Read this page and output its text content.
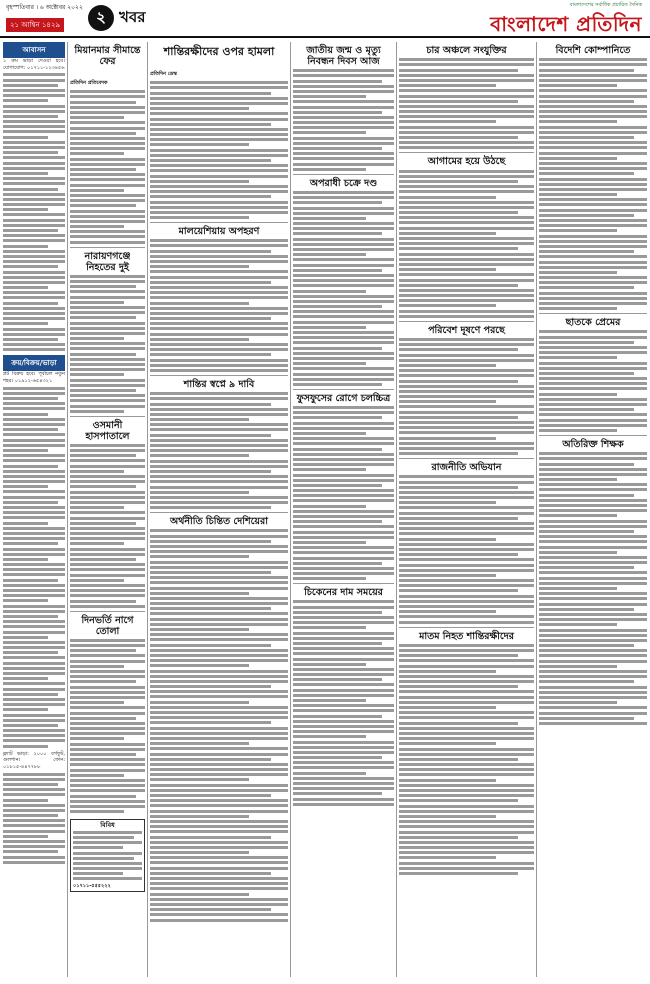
বৃহস্পতিবার । ৬ অক্টোবর ২০২২
২১ আশ্বিন ১৪২৯	২ খবর
বাংলাদেশের সর্বাধিক প্রচারিত দৈনিক
বাংলাদেশ প্রতিদিন
আবাসন

১ রুম ভাড়া দেওয়া হবে। যোগাযোগ: ০১৭১১-১২৩৪৫৬

ক্রয়/বিক্রয়/ভাড়া

প্লট বিক্রয় হবে। পূর্বাচল নতুন শহর। ০১৯১২-৬৫৪৩২১

ফ্ল্যাট ভাড়া: ২০০০ বর্গফুট, গুলশান। ফোন: ০১৮১৫-৪৪৭৭৮৮

মিয়ানমার সীমান্তে ফের
প্রতিদিন প্রতিবেদক
নারায়ণগঞ্জে নিহতের দুই
ওসমানী হাসপাতালে
দিনভর্তি নাগে তোলা
বিবিধ
০১৭১১-৫৫৫২২২
শান্তিরক্ষীদের ওপর হামলা
প্রতিদিন ডেস্ক
মালয়েশিয়ায় অপহরণ
শান্তির স্বপ্নে ৯ দাবি
অর্থনীতি চিন্তিত দেশিয়েরা
জাতীয় জন্ম ও মৃত্যু নিবন্ধন দিবস আজ
অপরাধী চক্রে দণ্ড
ফুসফুসের রোগে চলচ্চিত্র
চিকেনের দাম সময়ের
চার অঞ্চলে সংযুক্তির
আগামের হয়ে উঠছে
পরিবেশ দূষণে পরছে
রাজনীতি অভিযান
মাতম নিহত শান্তিরক্ষীদের
বিদেশি কোম্পানিতে
ছাতকে প্রেমের
অতিরিক্ত শিক্ষক
